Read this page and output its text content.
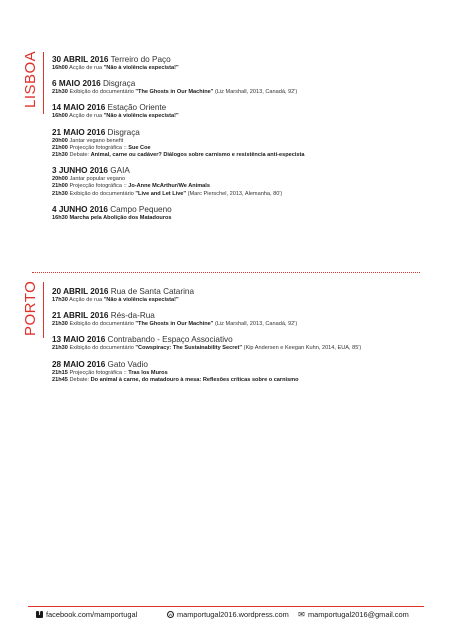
LISBOA 30 ABRIL 2016 Terreiro do Paço
16h00 Acção de rua "Não à violência especista!"
6 MAIO 2016 Disgraça
21h30 Exibição do documentário "The Ghosts in Our Machine" (Liz Marshall, 2013, Canadá, 92')
14 MAIO 2016 Estação Oriente
16h00 Acção de rua "Não à violência especista!"
21 MAIO 2016 Disgraça
20h00 Jantar vegano benefit
21h00 Projecção fotográfica :: Sue Coe
21h30 Debate: Animal, carne ou cadáver? Diálogos sobre carnismo e resistência anti-especista
3 JUNHO 2016 GAIA
20h00 Jantar popular vegano
21h00 Projecção fotográfica :: Jo-Anne McArthur/We Animals
21h30 Exibição do documentário "Live and Let Live" (Marc Pierschel, 2013, Alemanha, 80')
4 JUNHO 2016 Campo Pequeno
16h30 Marcha pela Abolição dos Matadouros
PORTO 20 ABRIL 2016 Rua de Santa Catarina
17h30 Acção de rua "Não à violência especista!"
21 ABRIL 2016 Rés-da-Rua
21h30 Exibição do documentário "The Ghosts in Our Machine" (Liz Marshall, 2013, Canadá, 92')
13 MAIO 2016 Contrabando - Espaço Associativo
21h30 Exibição do documentário "Cowspiracy: The Sustainability Secret" (Kip Andersen e Keegan Kuhn, 2014, EUA, 85')
28 MAIO 2016 Gato Vadio
21h15 Projecção fotográfica :: Tras los Muros
21h45 Debate: Do animal à carne, do matadouro à mesa: Reflexões críticas sobre o carnismo
f facebook.com/mamportugal	W mamportugal2016.wordpress.com ✉ mamportugal2016@gmail.com
